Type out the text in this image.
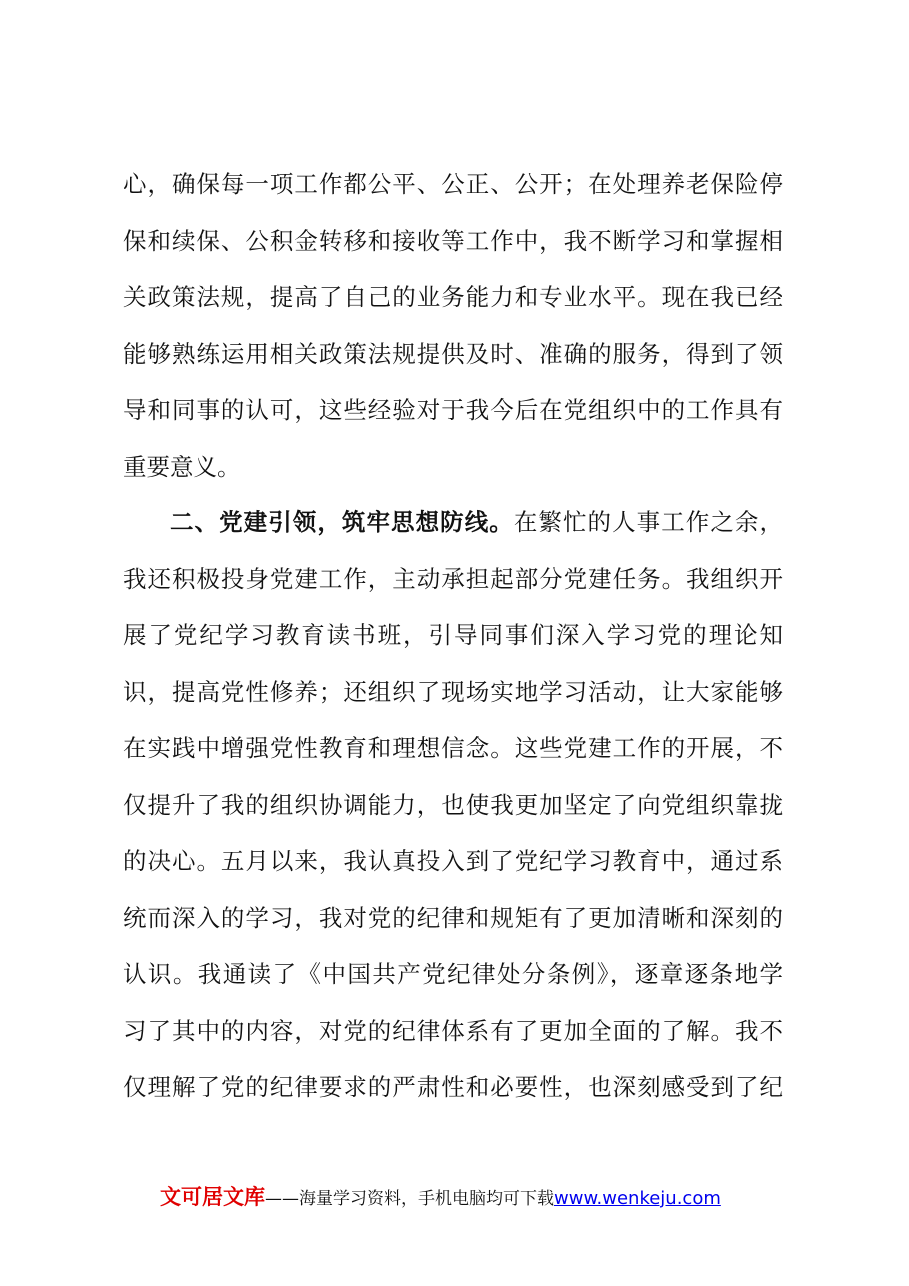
心，确保每一项工作都公平、公正、公开；在处理养老保险停
保和续保、公积金转移和接收等工作中，我不断学习和掌握相
关政策法规，提高了自己的业务能力和专业水平。现在我已经
能够熟练运用相关政策法规提供及时、准确的服务，得到了领
导和同事的认可，这些经验对于我今后在党组织中的工作具有
重要意义。
二、党建引领，筑牢思想防线。在繁忙的人事工作之余，
我还积极投身党建工作，主动承担起部分党建任务。我组织开
展了党纪学习教育读书班，引导同事们深入学习党的理论知
识，提高党性修养；还组织了现场实地学习活动，让大家能够
在实践中增强党性教育和理想信念。这些党建工作的开展，不
仅提升了我的组织协调能力，也使我更加坚定了向党组织靠拢
的决心。五月以来，我认真投入到了党纪学习教育中，通过系
统而深入的学习，我对党的纪律和规矩有了更加清晰和深刻的
认识。我通读了《中国共产党纪律处分条例》，逐章逐条地学
习了其中的内容，对党的纪律体系有了更加全面的了解。我不
仅理解了党的纪律要求的严肃性和必要性，也深刻感受到了纪
文可居文库——海量学习资料，手机电脑均可下载www.wenkeju.com
